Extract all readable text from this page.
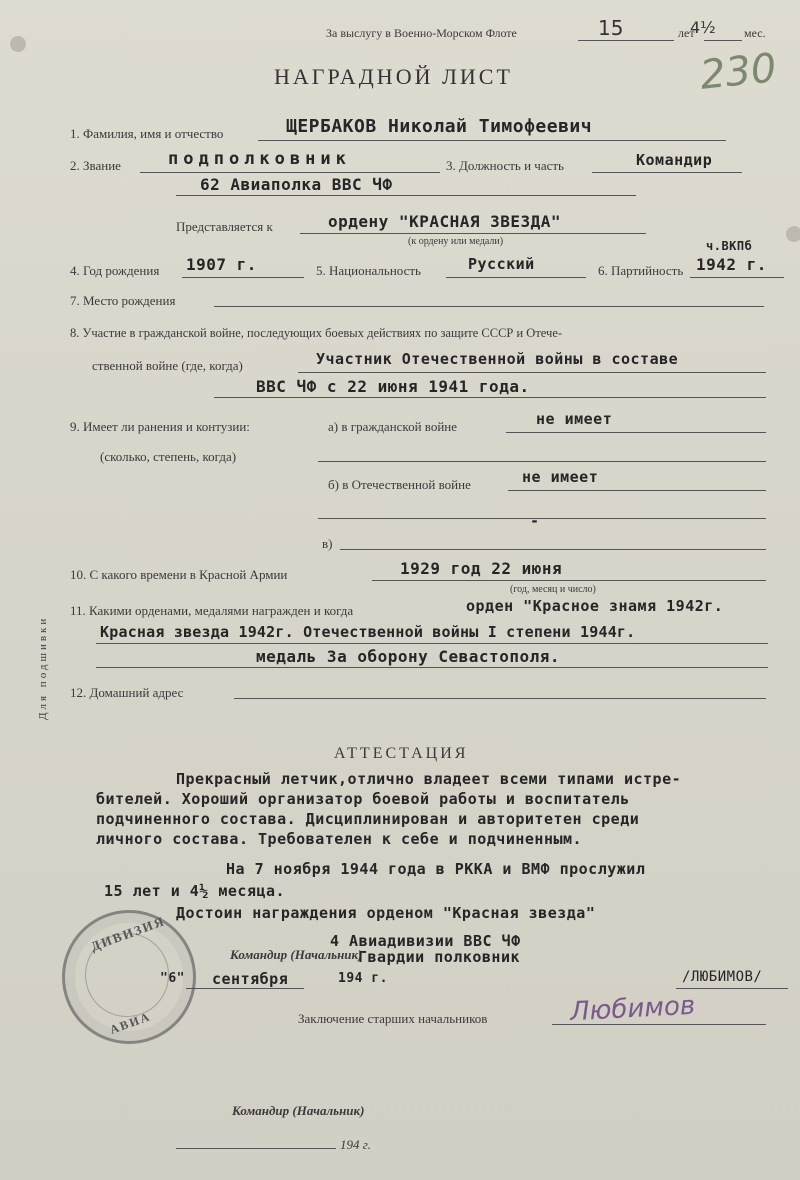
За выслугу в Военно-Морском Флоте	15	лет
4½ мес.
НАГРАДНОЙ ЛИСТ	230
1. Фамилия, имя и отчество	ЩЕРБАКОВ Николай Тимофеевич
2. Звание	подполковник	3. Должность и часть	Командир
62 Авиаполка ВВС ЧФ
Представляется к	ордену "КРАСНАЯ ЗВЕЗДА"
(к ордену или медали)
4. Год рождения 1907 г.	5. Национальность	Русский	6. Партийность 1942 г.
ч.ВКПб
7. Место рождения
8. Участие в гражданской войне, последующих боевых действиях по защите СССР и Отече-
ственной войне (где, когда)	Участник Отечественной войны в составе
ВВС ЧФ с 22 июня 1941 года.
9. Имеет ли ранения и контузии:	а) в гражданской войне	не имеет
(сколько, степень, когда)
б) в Отечественной войне	не имеет
-
в)
10. С какого времени в Красной Армии	1929 год 22 июня
(год, месяц и число)
11. Какими орденами, медалями награжден и когда	орден "Красное знамя 1942г.
Красная звезда 1942г. Отечественной войны I степени 1944г.
медаль За оборону Севастополя.
12. Домашний адрес
Для подшивки
АТТЕСТАЦИЯ
Прекрасный летчик,отлично владеет всеми типами истре-
бителей. Хороший организатор боевой работы и воспитатель
подчиненного состава. Дисциплинирован и авторитетен среди
личного состава. Требователен к себе и подчиненным.
На 7 ноября 1944 года в РККА и ВМФ прослужил
15 лет и 4½ месяца.
Достоин награждения орденом "Красная звезда"
4 Авиадивизии ВВС ЧФ
Командир (Начальник)
Гвардии полковник
"6" сентября	194 г.	/ЛЮБИМОВ/
Заключение старших начальников	Любимов
Командир (Начальник)
194 г.
ДИВИЗИЯ
АВИА
